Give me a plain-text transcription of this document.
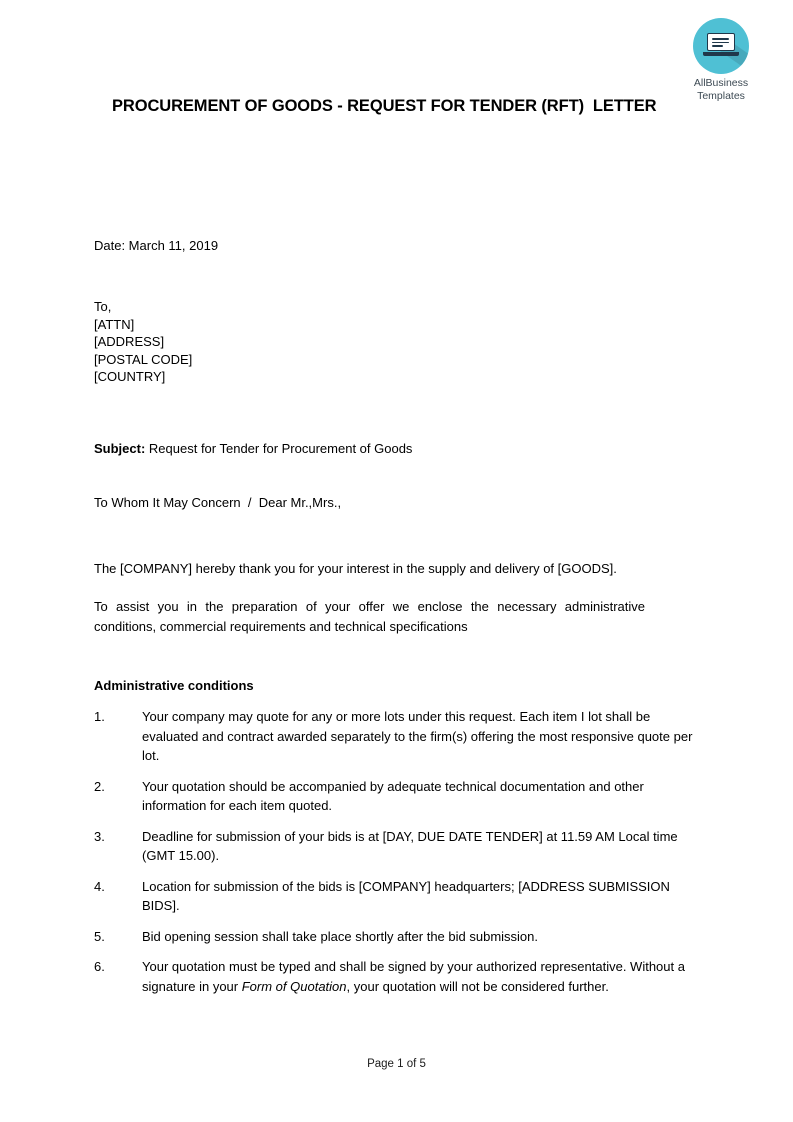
AllBusiness
Templates
PROCUREMENT OF GOODS - REQUEST FOR TENDER (RFT)  LETTER
Date: March 11, 2019
To,
[ATTN]
[ADDRESS]
[POSTAL CODE]
[COUNTRY]
Subject: Request for Tender for Procurement of Goods
To Whom It May Concern  /  Dear Mr.,Mrs.,
The [COMPANY] hereby thank you for your interest in the supply and delivery of [GOODS].
To assist you in the preparation of your offer we enclose the necessary administrative conditions, commercial requirements and technical specifications
Administrative conditions
1.	Your company may quote for any or more lots under this request. Each item I lot shall be evaluated and contract awarded separately to the firm(s) offering the most responsive quote per lot.
2.	Your quotation should be accompanied by adequate technical documentation and other information for each item quoted.
3.	Deadline for submission of your bids is at [DAY, DUE DATE TENDER] at 11.59 AM Local time (GMT 15.00).
4.	Location for submission of the bids is [COMPANY] headquarters; [ADDRESS SUBMISSION BIDS].
5.	Bid opening session shall take place shortly after the bid submission.
6.	Your quotation must be typed and shall be signed by your authorized representative. Without a signature in your Form of Quotation, your quotation will not be considered further.
Page 1 of 5
